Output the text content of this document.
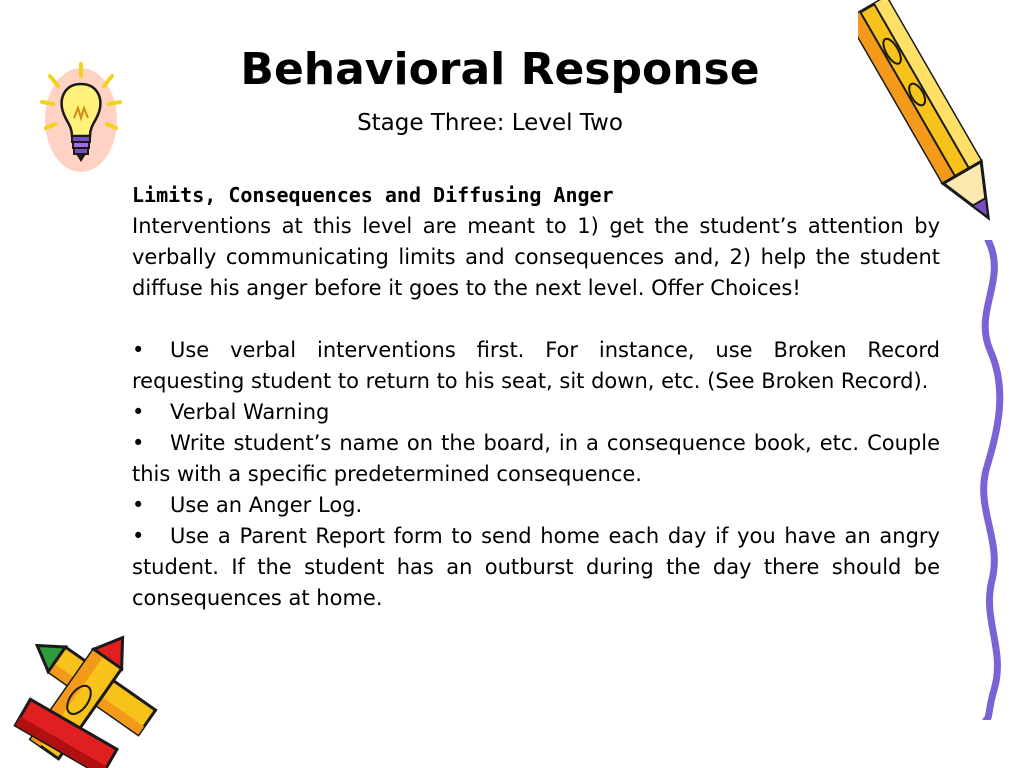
Behavioral Response
Stage Three: Level Two
Limits, Consequences and Diffusing Anger

Interventions at this level are meant to 1) get the student’s attention by verbally communicating limits and consequences and, 2) help the student diffuse his anger before it goes to the next level. Offer Choices!

• Use verbal interventions first. For instance, use Broken Record requesting student to return to his seat, sit down, etc. (See Broken Record).

• Verbal Warning

• Write student’s name on the board, in a consequence book, etc. Couple this with a specific predetermined consequence.

• Use an Anger Log.

• Use a Parent Report form to send home each day if you have an angry student. If the student has an outburst during the day there should be consequences at home.
